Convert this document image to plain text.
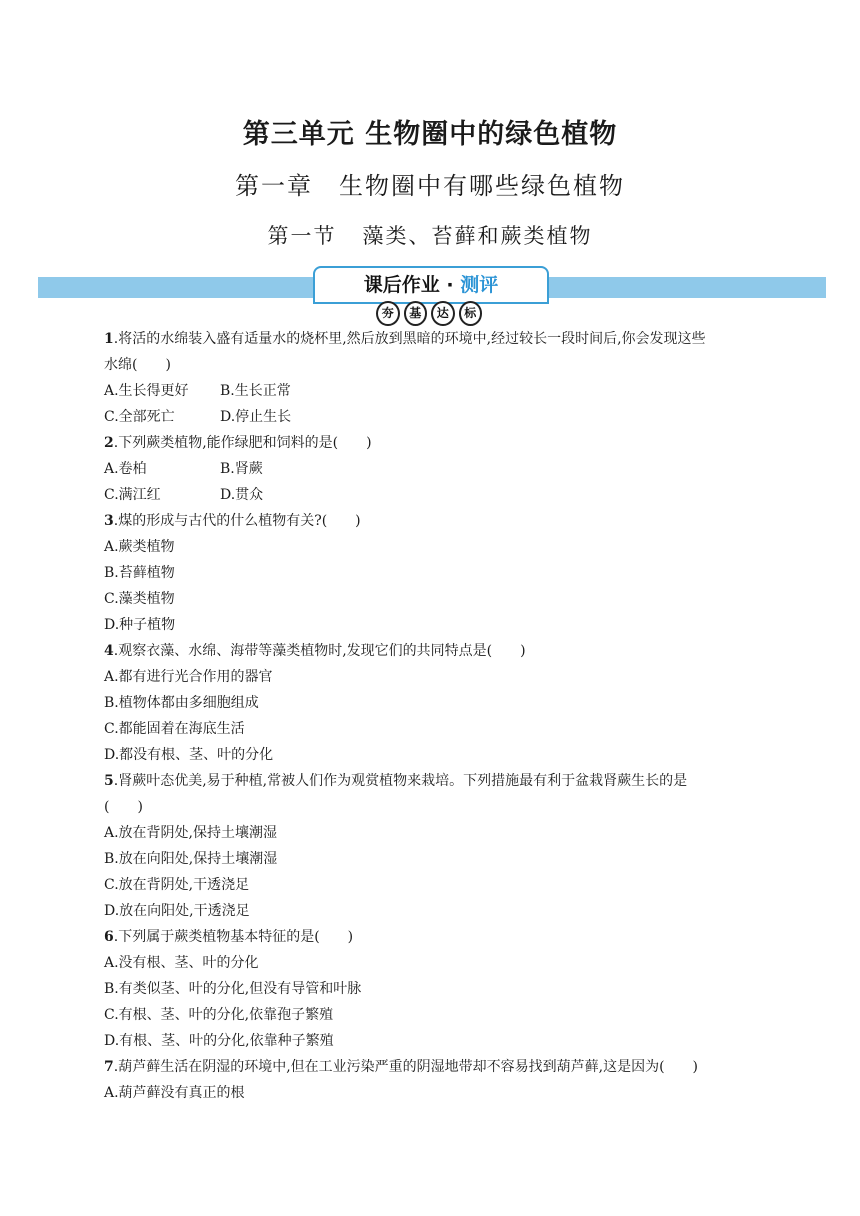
第三单元 生物圈中的绿色植物
第一章 生物圈中有哪些绿色植物
第一节 藻类、苔藓和蕨类植物
课后作业 · 测评
夯	基	达	标
1.将活的水绵装入盛有适量水的烧杯里,然后放到黑暗的环境中,经过较长一段时间后,你会发现这些
水绵(　　)
A.生长得更好 B.生长正常
C.全部死亡	D.停止生长
2.下列蕨类植物,能作绿肥和饲料的是(　　)
A.卷柏	B.肾蕨
C.满江红	D.贯众
3.煤的形成与古代的什么植物有关?(　　)
A.蕨类植物
B.苔藓植物
C.藻类植物
D.种子植物
4.观察衣藻、水绵、海带等藻类植物时,发现它们的共同特点是(　　)
A.都有进行光合作用的器官
B.植物体都由多细胞组成
C.都能固着在海底生活
D.都没有根、茎、叶的分化
5.肾蕨叶态优美,易于种植,常被人们作为观赏植物来栽培。下列措施最有利于盆栽肾蕨生长的是
(　　)
A.放在背阴处,保持土壤潮湿
B.放在向阳处,保持土壤潮湿
C.放在背阴处,干透浇足
D.放在向阳处,干透浇足
6.下列属于蕨类植物基本特征的是(　　)
A.没有根、茎、叶的分化
B.有类似茎、叶的分化,但没有导管和叶脉
C.有根、茎、叶的分化,依靠孢子繁殖
D.有根、茎、叶的分化,依靠种子繁殖
7.葫芦藓生活在阴湿的环境中,但在工业污染严重的阴湿地带却不容易找到葫芦藓,这是因为(　　)
A.葫芦藓没有真正的根
